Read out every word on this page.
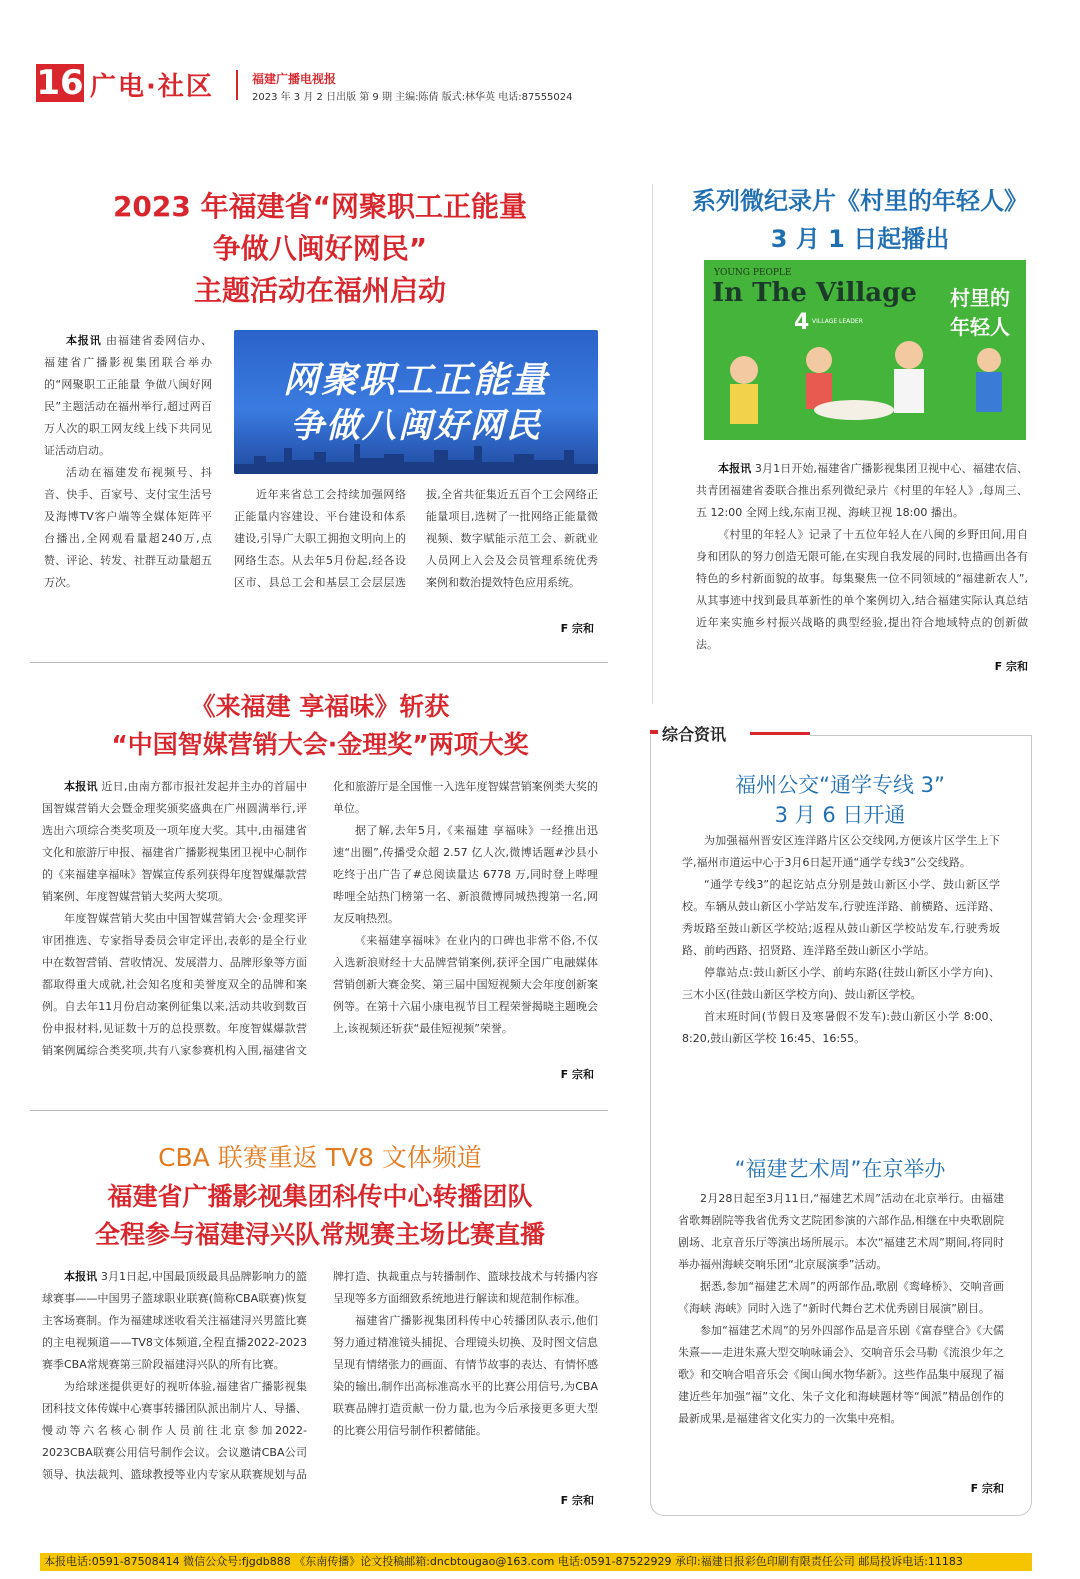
16 广电·社区	福建广播电视报
2023 年 3 月 2 日出版 第 9 期 主编:陈倩 版式:林华英 电话:87555024
2023 年福建省“网聚职工正能量
争做八闽好网民”
主题活动在福州启动
网聚职工正能量
争做八闽好网民

本报讯 由福建省委网信办、福建省广播影视集团联合举办的“网聚职工正能量 争做八闽好网民”主题活动在福州举行,超过两百万人次的职工网友线上线下共同见证活动启动。

活动在福建发布视频号、抖音、快手、百家号、支付宝生活号及海博TV客户端等全媒体矩阵平台播出,全网观看量超240万,点赞、评论、转发、社群互动量超五万次。

近年来省总工会持续加强网络正能量内容建设、平台建设和体系建设,引导广大职工拥抱文明向上的网络生态。从去年5月份起,经各设区市、县总工会和基层工会层层选拔,全省共征集近五百个工会网络正能量项目,选树了一批网络正能量微视频、数字赋能示范工会、新就业人员网上入会及会员管理系统优秀案例和数治提效特色应用系统。

F 宗和
系列微纪录片《村里的年轻人》
3 月 1 日起播出
YOUNG PEOPLE
In The Village
4 VILLAGE LEADER
村里的年轻人

本报讯 3月1日开始,福建省广播影视集团卫视中心、福建农信、共青团福建省委联合推出系列微纪录片《村里的年轻人》,每周三、五 12:00 全网上线,东南卫视、海峡卫视 18:00 播出。

《村里的年轻人》记录了十五位年轻人在八闽的乡野田间,用自身和团队的努力创造无限可能,在实现自我发展的同时,也描画出各有特色的乡村新面貌的故事。每集聚焦一位不同领域的“福建新农人”,从其事迹中找到最具革新性的单个案例切入,结合福建实际认真总结近年来实施乡村振兴战略的典型经验,提出符合地域特点的创新做法。

F 宗和
《来福建 享福味》斩获
“中国智媒营销大会·金理奖”两项大奖

本报讯 近日,由南方都市报社发起并主办的首届中国智媒营销大会暨金理奖颁奖盛典在广州圆满举行,评选出六项综合类奖项及一项年度大奖。其中,由福建省文化和旅游厅申报、福建省广播影视集团卫视中心制作的《来福建享福味》智媒宣传系列获得年度智媒爆款营销案例、年度智媒营销大奖两大奖项。

年度智媒营销大奖由中国智媒营销大会·金理奖评审团推选、专家指导委员会审定评出,表彰的是全行业中在数智营销、营收情况、发展潜力、品牌形象等方面都取得重大成就,社会知名度和美誉度双全的品牌和案例。自去年11月份启动案例征集以来,活动共收到数百份申报材料,见证数十万的总投票数。年度智媒爆款营销案例属综合类奖项,共有八家参赛机构入围,福建省文化和旅游厅是全国惟一入选年度智媒营销案例类大奖的单位。

据了解,去年5月,《来福建 享福味》一经推出迅速“出圈”,传播受众超 2.57 亿人次,微博话题#沙县小吃终于出广告了#总阅读量达 6778 万,同时登上哔哩哔哩全站热门榜第一名、新浪微博同城热搜第一名,网友反响热烈。

《来福建享福味》在业内的口碑也非常不俗,不仅入选新浪财经十大品牌营销案例,获评全国广电融媒体营销创新大赛金奖、第三届中国短视频大会年度创新案例等。在第十六届小康电视节目工程荣誉揭晓主题晚会上,该视频还斩获“最佳短视频”荣誉。

F 宗和
综合资讯
福州公交“通学专线 3”
3 月 6 日开通

为加强福州晋安区连洋路片区公交线网,方便该片区学生上下学,福州市道运中心于3月6日起开通“通学专线3”公交线路。

“通学专线3”的起讫站点分别是鼓山新区小学、鼓山新区学校。车辆从鼓山新区小学站发车,行驶连洋路、前横路、远洋路、秀坂路至鼓山新区学校站;返程从鼓山新区学校站发车,行驶秀坂路、前屿西路、招贤路、连洋路至鼓山新区小学站。

停靠站点:鼓山新区小学、前屿东路(往鼓山新区小学方向)、三木小区(往鼓山新区学校方向)、鼓山新区学校。

首末班时间(节假日及寒暑假不发车):鼓山新区小学 8:00、8:20,鼓山新区学校 16:45、16:55。

“福建艺术周”在京举办

2月28日起至3月11日,“福建艺术周”活动在北京举行。由福建省歌舞剧院等我省优秀文艺院团参演的六部作品,相继在中央歌剧院剧场、北京音乐厅等演出场所展示。本次“福建艺术周”期间,将同时举办福州海峡交响乐团“北京展演季”活动。

据悉,参加“福建艺术周”的两部作品,歌剧《鸾峰桥》、交响音画《海峡 海峡》同时入选了“新时代舞台艺术优秀剧目展演”剧目。

参加“福建艺术周”的另外四部作品是音乐剧《富春壁合》《大儒朱熹——走进朱熹大型交响咏诵会》、交响音乐会马勒《流浪少年之歌》和交响合唱音乐会《闽山闽水物华新》。这些作品集中展现了福建近些年加强“福”文化、朱子文化和海峡题材等“闽派”精品创作的最新成果,是福建省文化实力的一次集中亮相。

F 宗和
CBA 联赛重返 TV8 文体频道
福建省广播影视集团科传中心转播团队
全程参与福建浔兴队常规赛主场比赛直播

本报讯 3月1日起,中国最顶级最具品牌影响力的篮球赛事——中国男子篮球职业联赛(简称CBA联赛)恢复主客场赛制。作为福建球迷收看关注福建浔兴男篮比赛的主电视频道——TV8文体频道,全程直播2022-2023赛季CBA常规赛第三阶段福建浔兴队的所有比赛。

为给球迷提供更好的视听体验,福建省广播影视集团科技文体传媒中心赛事转播团队派出制片人、导播、慢动等六名核心制作人员前往北京参加2022-2023CBA联赛公用信号制作会议。会议邀请CBA公司领导、执法裁判、篮球教授等业内专家从联赛规划与品牌打造、执裁重点与转播制作、篮球技战术与转播内容呈现等多方面细致系统地进行解读和规范制作标准。

福建省广播影视集团科传中心转播团队表示,他们努力通过精准镜头捕捉、合理镜头切换、及时图文信息呈现有情绪张力的画面、有情节故事的表达、有情怀感染的输出,制作出高标准高水平的比赛公用信号,为CBA联赛品牌打造贡献一份力量,也为今后承接更多更大型的比赛公用信号制作积蓄储能。

F 宗和
本报电话:0591-87508414 微信公众号:fjgdb888 《东南传播》论文投稿邮箱:dncbtougao@163.com 电话:0591-87522929 承印:福建日报彩色印刷有限责任公司 邮局投诉电话:11183
